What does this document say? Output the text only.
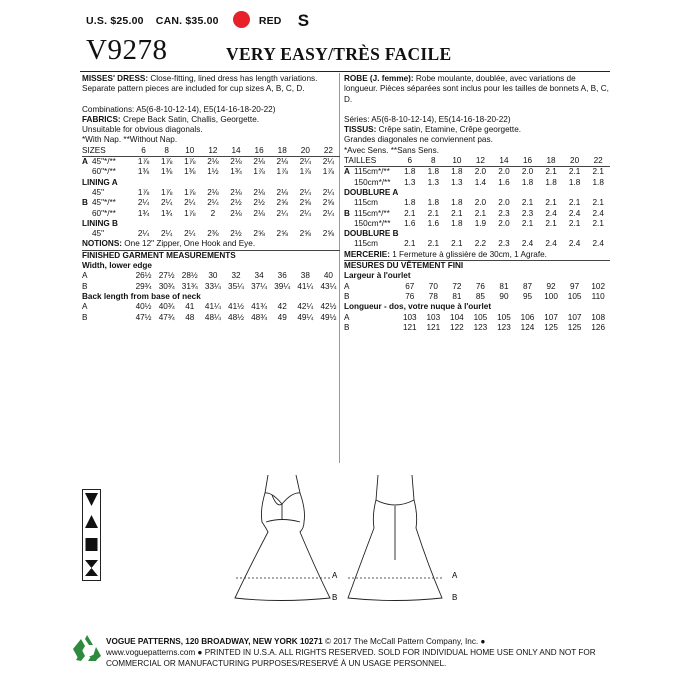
U.S. $25.00 CAN. $35.00	RED S
V9278	VERY EASY/TRÈS FACILE

MISSES' DRESS: Close-fitting, lined dress has length variations. Separate pattern pieces are included for cup sizes A, B, C, D.

Combinations: A5(6-8-10-12-14), E5(14-16-18-20-22)

FABRICS: Crepe Back Satin, Challis, Georgette.

Unsuitable for obvious diagonals.

*With Nap. **Without Nap.

SIZES		6	8	10	12	14	16	18	20	22
A	45"*/**	1⅞	1⅞	1⅞	2⅛	2⅛	2⅛	2⅛	2¼	2¼
	60"*/**	1⅜	1⅜	1⅜	1½	1¾	1⅞	1⅞	1⅞	1⅞
LINING A										
	45"	1⅞	1⅞	1⅞	2⅛	2⅛	2⅛	2⅛	2¼	2¼
B	45"*/**	2¼	2¼	2¼	2¼	2½	2½	2⅝	2⅝	2⅝
	60"*/**	1¾	1¾	1⅞	2	2⅛	2⅛	2¼	2¼	2¼
LINING B										
	45"	2¼	2¼	2¼	2⅜	2½	2⅝	2⅝	2⅝	2⅝
NOTIONS: One 12" Zipper, One Hook and Eye.										
FINISHED GARMENT MEASUREMENTS										
Width, lower edge										
A		26½	27½	28½	30	32	34	36	38	40
B		29¾	30¾	31¾	33¼	35¼	37¼	39¼	41¼	43¼
Back length from base of neck										
A		40½	40¾	41	41¼	41½	41¾	42	42¼	42½
B		47½	47¾	48	48¼	48½	48¾	49	49¼	49½

ROBE (J. femme): Robe moulante, doublée, avec variations de longueur. Pièces séparées sont inclus pour les tailles de bonnets A, B, C, D.

Séries: A5(6-8-10-12-14), E5(14-16-18-20-22)

TISSUS: Crêpe satin, Etamine, Crêpe georgette.

Grandes diagonales ne conviennent pas.

*Avec Sens. **Sans Sens.

TAILLES		6	8	10	12	14	16	18	20	22
A	115cm*/**	1.8	1.8	1.8	2.0	2.0	2.0	2.1	2.1	2.1
	150cm*/**	1.3	1.3	1.3	1.4	1.6	1.8	1.8	1.8	1.8
DOUBLURE A										
	115cm	1.8	1.8	1.8	2.0	2.0	2.1	2.1	2.1	2.1
B	115cm*/**	2.1	2.1	2.1	2.1	2.3	2.3	2.4	2.4	2.4
	150cm*/**	1.6	1.6	1.8	1.9	2.0	2.1	2.1	2.1	2.1
DOUBLURE B										
	115cm	2.1	2.1	2.1	2.2	2.3	2.4	2.4	2.4	2.4
MERCERIE: 1 Fermeture à glissière de 30cm, 1 Agrafe.										
MESURES DU VÊTEMENT FINI										
Largeur à l'ourlet										
A		67	70	72	76	81	87	92	97	102
B		76	78	81	85	90	95	100	105	110
Longueur - dos, votre nuque à l'ourlet										
A		103	103	104	105	105	106	107	107	108
B		121	121	122	123	123	124	125	125	126
A
B
A
B
VOGUE PATTERNS, 120 BROADWAY, NEW YORK 10271 © 2017 The McCall Pattern Company, Inc. ●
www.voguepatterns.com ● PRINTED IN U.S.A. ALL RIGHTS RESERVED. SOLD FOR INDIVIDUAL HOME USE ONLY AND NOT FOR
COMMERCIAL OR MANUFACTURING PURPOSES/RESERVÉ À UN USAGE PERSONNEL.
